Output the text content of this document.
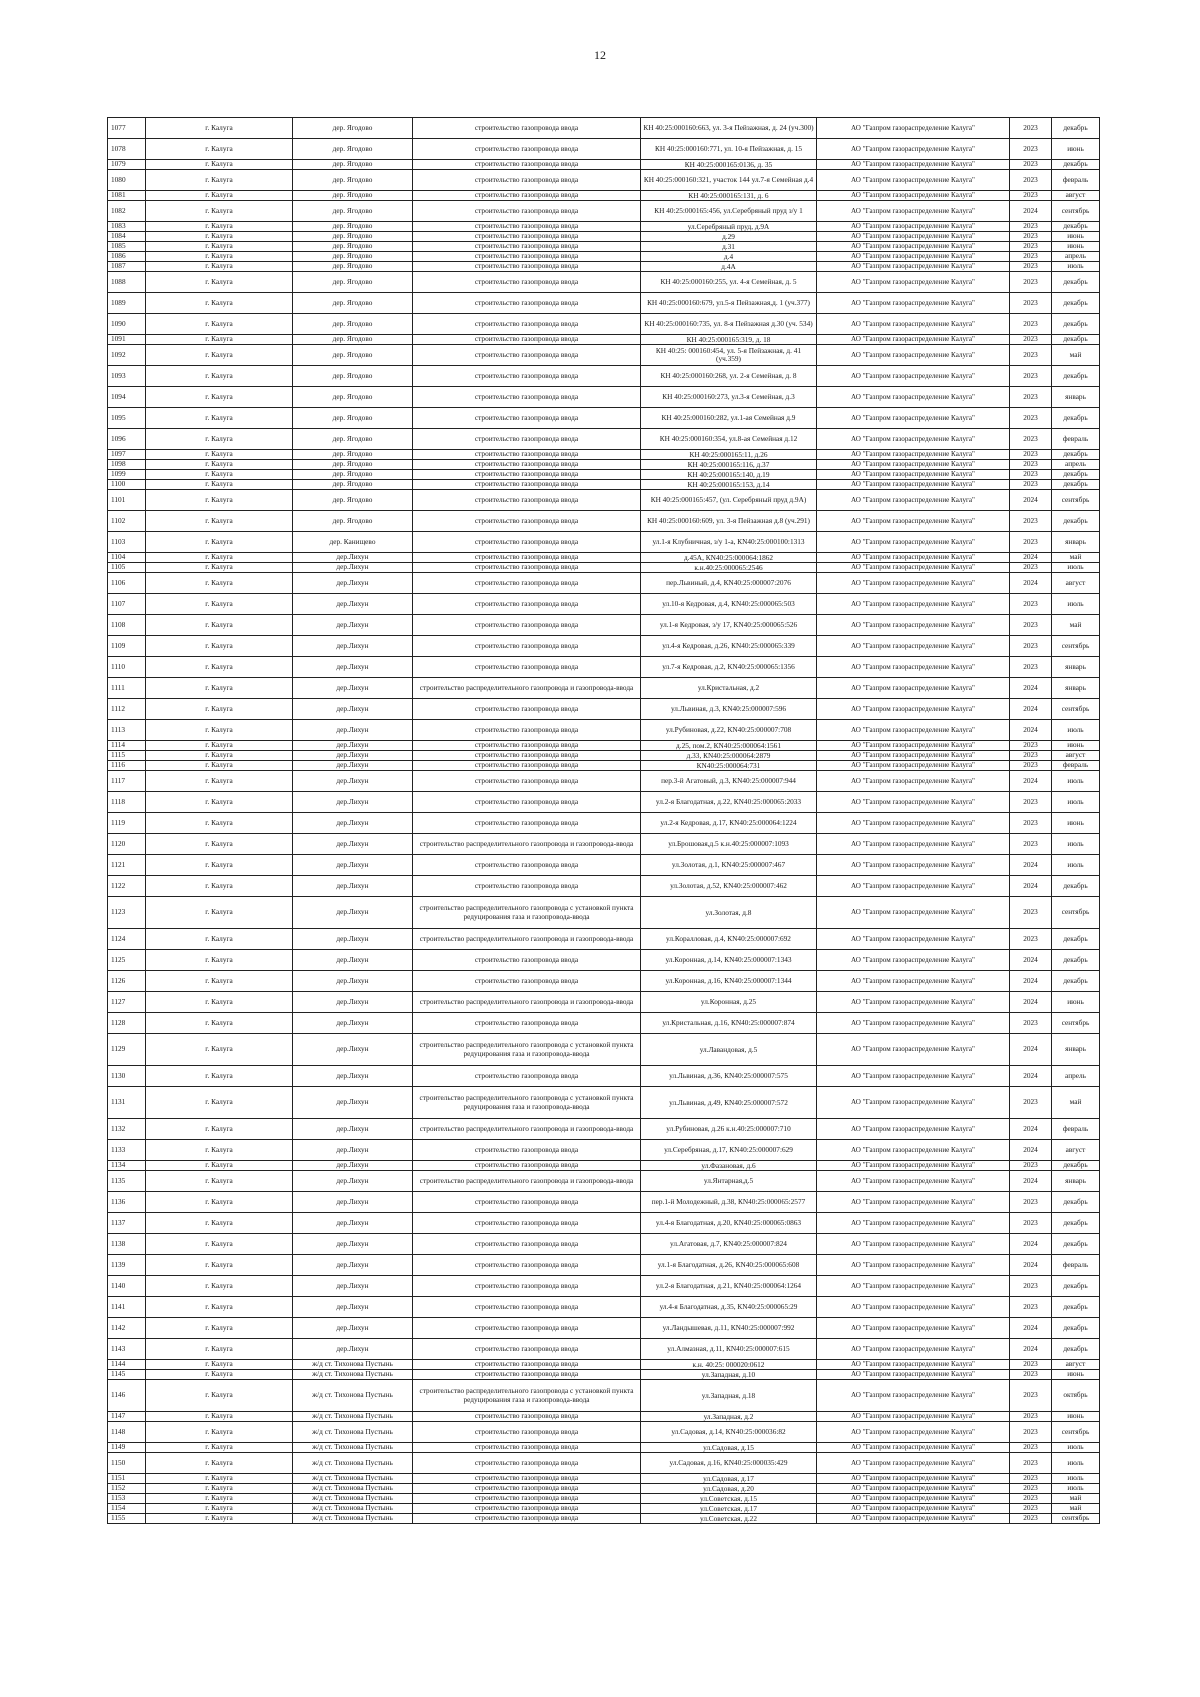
12
1077	г. Калуга	дер. Ягодово	строительство газопровода ввода	КН 40:25:000160:663, ул. 3-я Пейзажная, д. 24 (уч.300)	АО "Газпром газораспределение Калуга"	2023	декабрь
1078	г. Калуга	дер. Ягодово	строительство газопровода ввода	КН 40:25:000160:771, ул. 10-я Пейзажная, д. 15	АО "Газпром газораспределение Калуга"	2023	июнь
1079	г. Калуга	дер. Ягодово	строительство газопровода ввода	КН 40:25:000165:0136, д. 35	АО "Газпром газораспределение Калуга"	2023	декабрь
1080	г. Калуга	дер. Ягодово	строительство газопровода ввода	КН 40:25:000160:321, участок 144 ул.7-я Семейная д.4	АО "Газпром газораспределение Калуга"	2023	февраль
1081	г. Калуга	дер. Ягодово	строительство газопровода ввода	КН 40:25:000165:131, д. 6	АО "Газпром газораспределение Калуга"	2023	август
1082	г. Калуга	дер. Ягодово	строительство газопровода ввода	КН 40:25:000165:456, ул.Серебряный пруд з/у 1	АО "Газпром газораспределение Калуга"	2024	сентябрь
1083	г. Калуга	дер. Ягодово	строительство газопровода ввода	ул.Серебряный пруд, д.9А	АО "Газпром газораспределение Калуга"	2023	декабрь
1084	г. Калуга	дер. Ягодово	строительство газопровода ввода	д.29	АО "Газпром газораспределение Калуга"	2023	июнь
1085	г. Калуга	дер. Ягодово	строительство газопровода ввода	д.31	АО "Газпром газораспределение Калуга"	2023	июнь
1086	г. Калуга	дер. Ягодово	строительство газопровода ввода	д.4	АО "Газпром газораспределение Калуга"	2023	апрель
1087	г. Калуга	дер. Ягодово	строительство газопровода ввода	д.4А	АО "Газпром газораспределение Калуга"	2023	июль
1088	г. Калуга	дер. Ягодово	строительство газопровода ввода	КН 40:25:000160:255, ул. 4-я Семейная, д. 5	АО "Газпром газораспределение Калуга"	2023	декабрь
1089	г. Калуга	дер. Ягодово	строительство газопровода ввода	КН 40:25:000160:679, ул.5-я Пейзажная,д. 1 (уч.377)	АО "Газпром газораспределение Калуга"	2023	декабрь
1090	г. Калуга	дер. Ягодово	строительство газопровода ввода	КН 40:25:000160:735, ул. 8-я Пейзажная д.30 (уч. 534)	АО "Газпром газораспределение Калуга"	2023	декабрь
1091	г. Калуга	дер. Ягодово	строительство газопровода ввода	КН 40:25:000165:319, д. 18	АО "Газпром газораспределение Калуга"	2023	декабрь
1092	г. Калуга	дер. Ягодово	строительство газопровода ввода	КН 40:25: 000160:454, ул. 5-я Пейзажная, д. 41 (уч.359)	АО "Газпром газораспределение Калуга"	2023	май
1093	г. Калуга	дер. Ягодово	строительство газопровода ввода	КН 40:25:000160:268, ул. 2-я Семейная, д. 8	АО "Газпром газораспределение Калуга"	2023	декабрь
1094	г. Калуга	дер. Ягодово	строительство газопровода ввода	КН 40:25:000160:273, ул.3-я Семейная, д.3	АО "Газпром газораспределение Калуга"	2023	январь
1095	г. Калуга	дер. Ягодово	строительство газопровода ввода	КН 40:25:000160:282, ул.1-ая Семейная д.9	АО "Газпром газораспределение Калуга"	2023	декабрь
1096	г. Калуга	дер. Ягодово	строительство газопровода ввода	КН 40:25:000160:354, ул.8-ая Семейная д.12	АО "Газпром газораспределение Калуга"	2023	февраль
1097	г. Калуга	дер. Ягодово	строительство газопровода ввода	КН 40:25:000165:11, д.26	АО "Газпром газораспределение Калуга"	2023	декабрь
1098	г. Калуга	дер. Ягодово	строительство газопровода ввода	КН 40:25:000165:116, д.37	АО "Газпром газораспределение Калуга"	2023	апрель
1099	г. Калуга	дер. Ягодово	строительство газопровода ввода	КН 40:25:000165:140, д.19	АО "Газпром газораспределение Калуга"	2023	декабрь
1100	г. Калуга	дер. Ягодово	строительство газопровода ввода	КН 40:25:000165:153, д.14	АО "Газпром газораспределение Калуга"	2023	декабрь
1101	г. Калуга	дер. Ягодово	строительство газопровода ввода	КН 40:25:000165:457, (ул. Серебряный пруд д.9А)	АО "Газпром газораспределение Калуга"	2024	сентябрь
1102	г. Калуга	дер. Ягодово	строительство газопровода ввода	КН 40:25:000160:609, ул. 3-я Пейзажная д.8 (уч.291)	АО "Газпром газораспределение Калуга"	2023	декабрь
1103	г. Калуга	дер. Канищево	строительство газопровода ввода	ул.1-я Клубничная, з/у 1-а, КN40:25:000100:1313	АО "Газпром газораспределение Калуга"	2023	январь
1104	г. Калуга	дер.Лихун	строительство газопровода ввода	д.45А, КN40:25:000064:1862	АО "Газпром газораспределение Калуга"	2024	май
1105	г. Калуга	дер.Лихун	строительство газопровода ввода	к.н.40:25:000065:2546	АО "Газпром газораспределение Калуга"	2023	июль
1106	г. Калуга	дер.Лихун	строительство газопровода ввода	пер.Львиный, д.4, КN40:25:000007:2076	АО "Газпром газораспределение Калуга"	2024	август
1107	г. Калуга	дер.Лихун	строительство газопровода ввода	ул.10-я Кедровая, д.4, КN40:25:000065:503	АО "Газпром газораспределение Калуга"	2023	июль
1108	г. Калуга	дер.Лихун	строительство газопровода ввода	ул.1-я Кедровая, з/у 17, КN40:25:000065:526	АО "Газпром газораспределение Калуга"	2023	май
1109	г. Калуга	дер.Лихун	строительство газопровода ввода	ул.4-я Кедровая, д.26, КN40:25:000065:339	АО "Газпром газораспределение Калуга"	2023	сентябрь
1110	г. Калуга	дер.Лихун	строительство газопровода ввода	ул.7-я Кедровая, д.2, КN40:25:000065:1356	АО "Газпром газораспределение Калуга"	2023	январь
1111	г. Калуга	дер.Лихун	строительство распределительного газопровода и газопровода-ввода	ул.Кристальная, д.2	АО "Газпром газораспределение Калуга"	2024	январь
1112	г. Калуга	дер.Лихун	строительство газопровода ввода	ул.Львиная, д.3, КN40:25:000007:596	АО "Газпром газораспределение Калуга"	2024	сентябрь
1113	г. Калуга	дер.Лихун	строительство газопровода ввода	ул.Рубиновая, д.22, КN40:25:000007:708	АО "Газпром газораспределение Калуга"	2024	июль
1114	г. Калуга	дер.Лихун	строительство газопровода ввода	д.25, пом.2, КN40:25:000064:1561	АО "Газпром газораспределение Калуга"	2023	июнь
1115	г. Калуга	дер.Лихун	строительство газопровода ввода	д.33, КN40:25:000064:2879	АО "Газпром газораспределение Калуга"	2023	август
1116	г. Калуга	дер.Лихун	строительство газопровода ввода	КN40:25:000064:731	АО "Газпром газораспределение Калуга"	2023	февраль
1117	г. Калуга	дер.Лихун	строительство газопровода ввода	пер.3-й Агатовый, д.3, КN40:25:000007:944	АО "Газпром газораспределение Калуга"	2024	июль
1118	г. Калуга	дер.Лихун	строительство газопровода ввода	ул.2-я Благодатная, д.22, КN40:25:000065:2033	АО "Газпром газораспределение Калуга"	2023	июль
1119	г. Калуга	дер.Лихун	строительство газопровода ввода	ул.2-я Кедровая, д.17, КN40:25:000064:1224	АО "Газпром газораспределение Калуга"	2023	июнь
1120	г. Калуга	дер.Лихун	строительство распределительного газопровода и газопровода-ввода	ул.Брошовая,д.5 к.н.40:25:000007:1093	АО "Газпром газораспределение Калуга"	2023	июль
1121	г. Калуга	дер.Лихун	строительство газопровода ввода	ул.Золотая, д.1, КN40:25:000007:467	АО "Газпром газораспределение Калуга"	2024	июль
1122	г. Калуга	дер.Лихун	строительство газопровода ввода	ул.Золотая, д.52, КN40:25:000007:462	АО "Газпром газораспределение Калуга"	2024	декабрь
1123	г. Калуга	дер.Лихун	строительство распределительного газопровода с установкой пункта редуцирования газа и газопровода-ввода	ул.Золотая, д.8	АО "Газпром газораспределение Калуга"	2023	сентябрь
1124	г. Калуга	дер.Лихун	строительство распределительного газопровода и газопровода-ввода	ул.Коралловая, д.4, КN40:25:000007:692	АО "Газпром газораспределение Калуга"	2023	декабрь
1125	г. Калуга	дер.Лихун	строительство газопровода ввода	ул.Коронная, д.14, КN40:25:000007:1343	АО "Газпром газораспределение Калуга"	2024	декабрь
1126	г. Калуга	дер.Лихун	строительство газопровода ввода	ул.Коронная, д.16, КN40:25:000007:1344	АО "Газпром газораспределение Калуга"	2024	декабрь
1127	г. Калуга	дер.Лихун	строительство распределительного газопровода и газопровода-ввода	ул.Коронная, д.25	АО "Газпром газораспределение Калуга"	2024	июнь
1128	г. Калуга	дер.Лихун	строительство газопровода ввода	ул.Кристальная, д.16, КN40:25:000007:874	АО "Газпром газораспределение Калуга"	2023	сентябрь
1129	г. Калуга	дер.Лихун	строительство распределительного газопровода с установкой пункта редуцирования газа и газопровода-ввода	ул.Лавандовая, д.5	АО "Газпром газораспределение Калуга"	2024	январь
1130	г. Калуга	дер.Лихун	строительство газопровода ввода	ул.Львиная, д.36, КN40:25:000007:575	АО "Газпром газораспределение Калуга"	2024	апрель
1131	г. Калуга	дер.Лихун	строительство распределительного газопровода с установкой пункта редуцирования газа и газопровода-ввода	ул.Львиная, д.49, КN40:25:000007:572	АО "Газпром газораспределение Калуга"	2023	май
1132	г. Калуга	дер.Лихун	строительство распределительного газопровода и газопровода-ввода	ул.Рубиновая, д.26 к.н.40:25:000007:710	АО "Газпром газораспределение Калуга"	2024	февраль
1133	г. Калуга	дер.Лихун	строительство газопровода ввода	ул.Серебряная, д.17, КN40:25:000007:629	АО "Газпром газораспределение Калуга"	2024	август
1134	г. Калуга	дер.Лихун	строительство газопровода ввода	ул.Фазановая, д.6	АО "Газпром газораспределение Калуга"	2023	декабрь
1135	г. Калуга	дер.Лихун	строительство распределительного газопровода и газопровода-ввода	ул.Янтарная,д.5	АО "Газпром газораспределение Калуга"	2024	январь
1136	г. Калуга	дер.Лихун	строительство газопровода ввода	пер.1-й Молодежный, д.38, КN40:25:000065:2577	АО "Газпром газораспределение Калуга"	2023	декабрь
1137	г. Калуга	дер.Лихун	строительство газопровода ввода	ул.4-я Благодатная, д.20, КN40:25:000065:0863	АО "Газпром газораспределение Калуга"	2023	декабрь
1138	г. Калуга	дер.Лихун	строительство газопровода ввода	ул.Агатовая, д.7, КN40:25:000007:824	АО "Газпром газораспределение Калуга"	2024	декабрь
1139	г. Калуга	дер.Лихун	строительство газопровода ввода	ул.1-я Благодатная, д.26, КN40:25:000065:608	АО "Газпром газораспределение Калуга"	2024	февраль
1140	г. Калуга	дер.Лихун	строительство газопровода ввода	ул.2-я Благодатная, д.21, КN40:25:000064:1264	АО "Газпром газораспределение Калуга"	2023	декабрь
1141	г. Калуга	дер.Лихун	строительство газопровода ввода	ул.4-я Благодатная, д.35, КN40:25:000065:29	АО "Газпром газораспределение Калуга"	2023	декабрь
1142	г. Калуга	дер.Лихун	строительство газопровода ввода	ул.Ландышевая, д.11, КN40:25:000007:992	АО "Газпром газораспределение Калуга"	2024	декабрь
1143	г. Калуга	дер.Лихун	строительство газопровода ввода	ул.Алмазная, д.11, КN40:25:000007:615	АО "Газпром газораспределение Калуга"	2024	декабрь
1144	г. Калуга	ж/д ст. Тихонова Пустынь	строительство газопровода ввода	к.н. 40:25: 000020:0612	АО "Газпром газораспределение Калуга"	2023	август
1145	г. Калуга	ж/д ст. Тихонова Пустынь	строительство газопровода ввода	ул.Западная, д.10	АО "Газпром газораспределение Калуга"	2023	июнь
1146	г. Калуга	ж/д ст. Тихонова Пустынь	строительство распределительного газопровода с установкой пункта редуцирования газа и газопровода-ввода	ул.Западная, д.18	АО "Газпром газораспределение Калуга"	2023	октябрь
1147	г. Калуга	ж/д ст. Тихонова Пустынь	строительство газопровода ввода	ул.Западная, д.2	АО "Газпром газораспределение Калуга"	2023	июнь
1148	г. Калуга	ж/д ст. Тихонова Пустынь	строительство газопровода ввода	ул.Садовая, д.14, КN40:25:000036:82	АО "Газпром газораспределение Калуга"	2023	сентябрь
1149	г. Калуга	ж/д ст. Тихонова Пустынь	строительство газопровода ввода	ул.Садовая, д.15	АО "Газпром газораспределение Калуга"	2023	июль
1150	г. Калуга	ж/д ст. Тихонова Пустынь	строительство газопровода ввода	ул.Садовая, д.16, КN40:25:000035:429	АО "Газпром газораспределение Калуга"	2023	июль
1151	г. Калуга	ж/д ст. Тихонова Пустынь	строительство газопровода ввода	ул.Садовая, д.17	АО "Газпром газораспределение Калуга"	2023	июль
1152	г. Калуга	ж/д ст. Тихонова Пустынь	строительство газопровода ввода	ул.Садовая, д.20	АО "Газпром газораспределение Калуга"	2023	июль
1153	г. Калуга	ж/д ст. Тихонова Пустынь	строительство газопровода ввода	ул.Советская, д.15	АО "Газпром газораспределение Калуга"	2023	май
1154	г. Калуга	ж/д ст. Тихонова Пустынь	строительство газопровода ввода	ул.Советская, д.17	АО "Газпром газораспределение Калуга"	2023	май
1155	г. Калуга	ж/д ст. Тихонова Пустынь	строительство газопровода ввода	ул.Советская, д.22	АО "Газпром газораспределение Калуга"	2023	сентябрь
